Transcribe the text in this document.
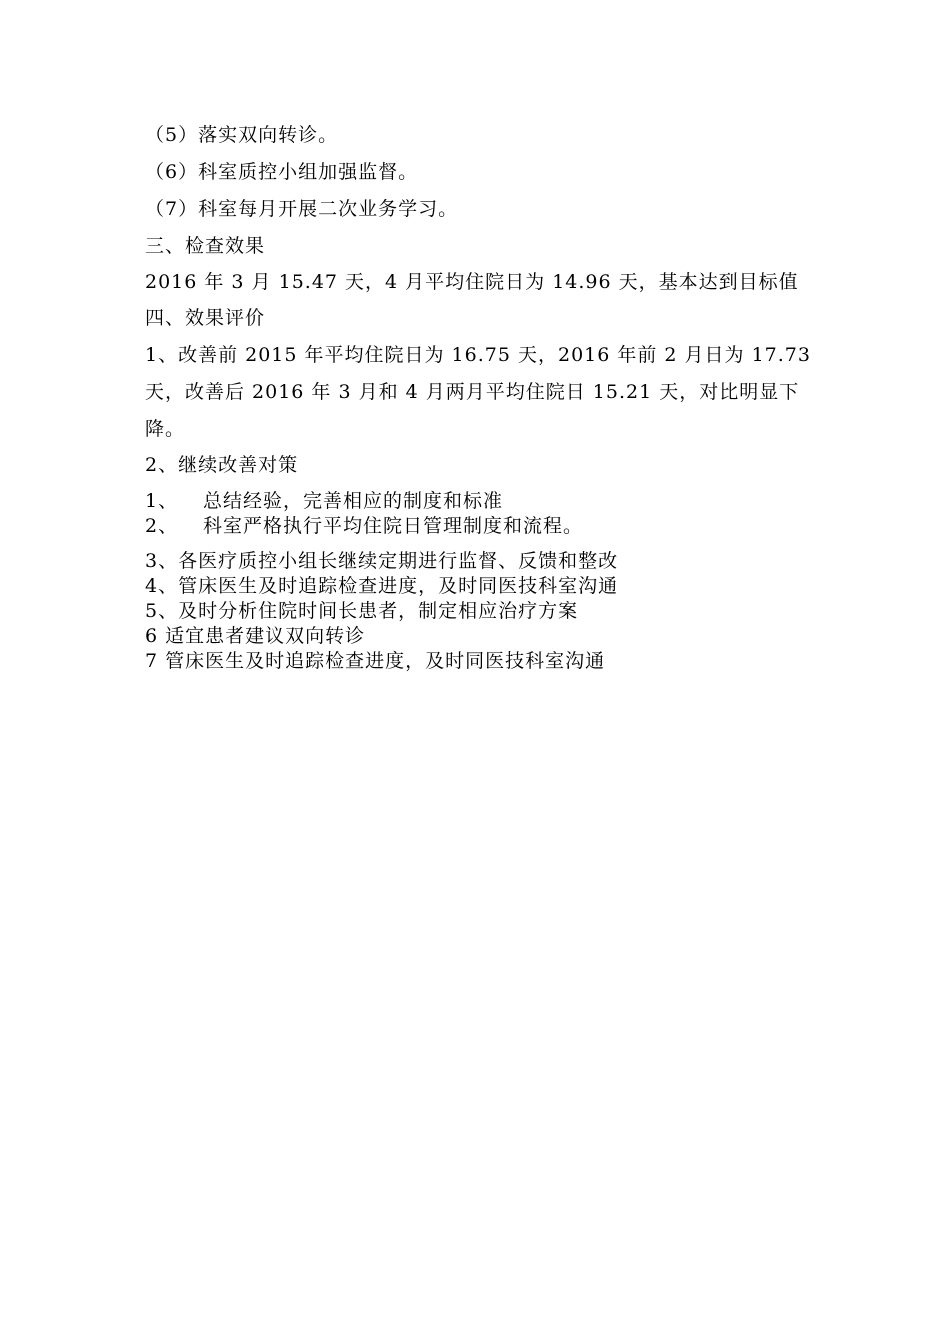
（5）落实双向转诊。
（6）科室质控小组加强监督。
（7）科室每月开展二次业务学习。
三、检查效果
2016 年 3 月 15.47 天，4 月平均住院日为 14.96 天，基本达到目标值
四、效果评价
1、改善前 2015 年平均住院日为 16.75 天，2016 年前 2 月日为 17.73
天，改善后 2016 年 3 月和 4 月两月平均住院日 15.21 天，对比明显下
降。
2、继续改善对策
1、 总结经验，完善相应的制度和标准
2、 科室严格执行平均住院日管理制度和流程。
3、各医疗质控小组长继续定期进行监督、反馈和整改
4、管床医生及时追踪检查进度，及时同医技科室沟通
5、及时分析住院时间长患者，制定相应治疗方案
6 适宜患者建议双向转诊
7 管床医生及时追踪检查进度，及时同医技科室沟通
